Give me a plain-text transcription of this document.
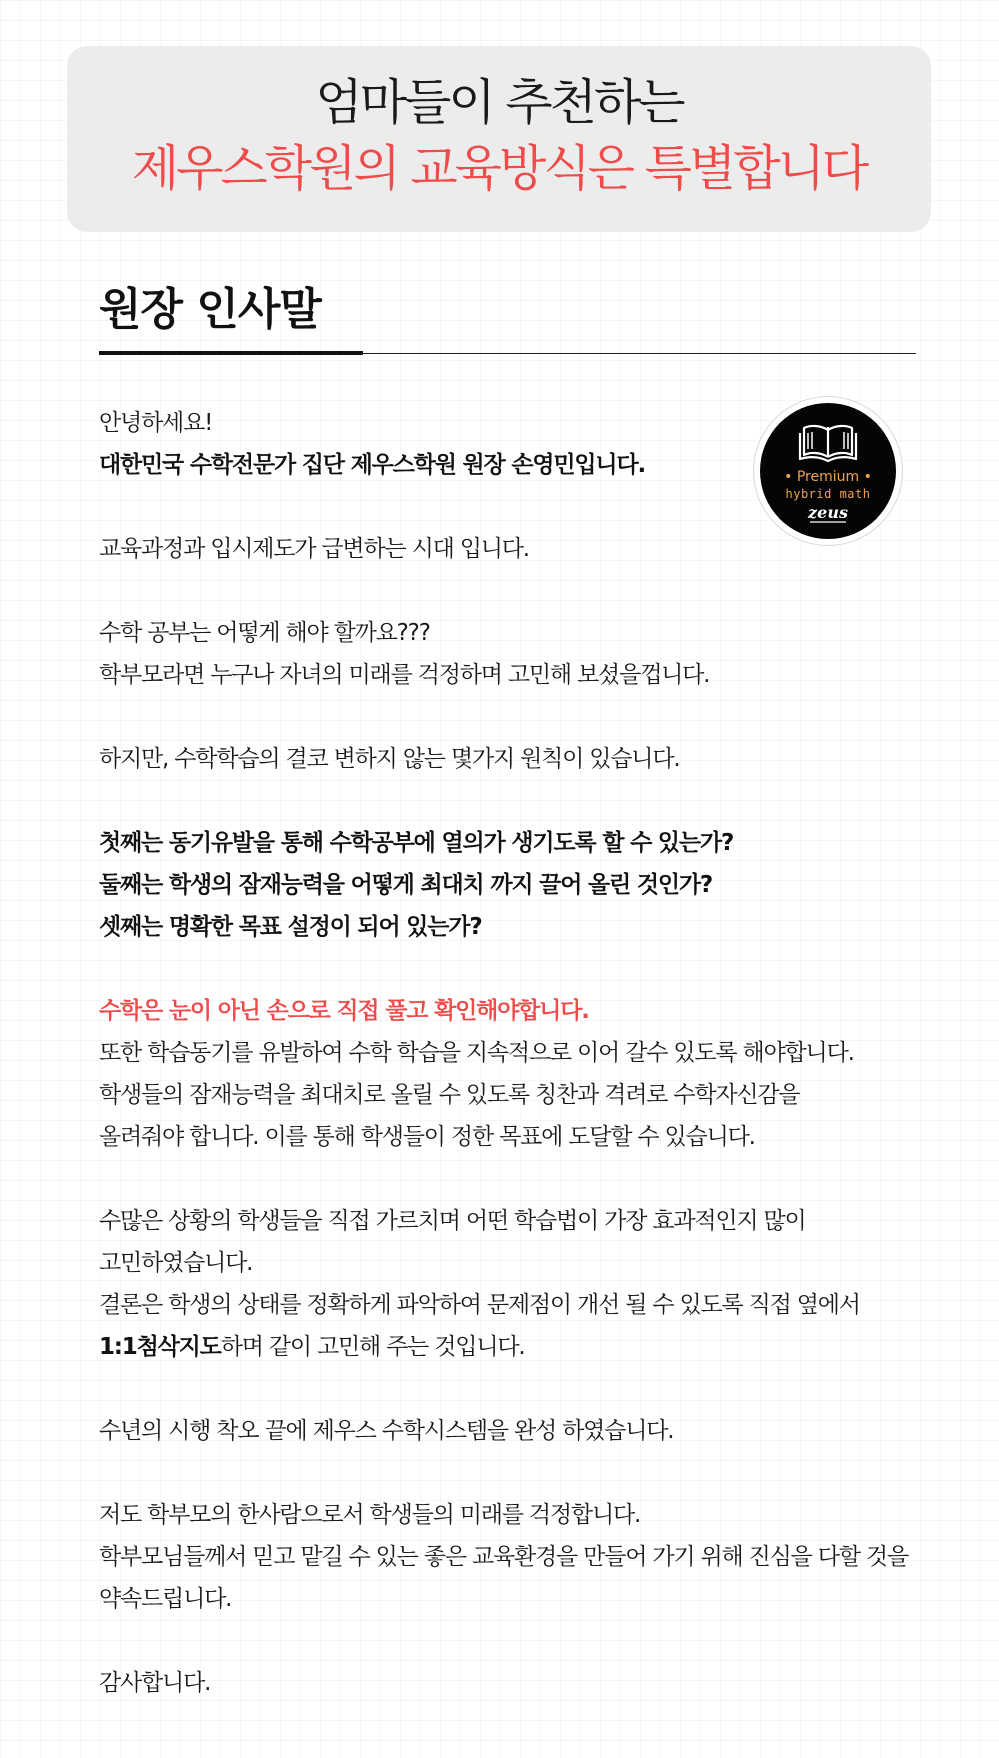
엄마들이 추천하는
제우스학원의 교육방식은 특별합니다
원장 인사말
• Premium •
hybrid math
zeus
안녕하세요!
대한민국 수학전문가 집단 제우스학원 원장 손영민입니다.
교육과정과 입시제도가 급변하는 시대 입니다.
수학 공부는 어떻게 해야 할까요???
학부모라면 누구나 자녀의 미래를 걱정하며 고민해 보셨을껍니다.
하지만, 수학학습의 결코 변하지 않는 몇가지 원칙이 있습니다.
첫째는 동기유발을 통해 수학공부에 열의가 생기도록 할 수 있는가?
둘째는 학생의 잠재능력을 어떻게 최대치 까지 끌어 올린 것인가?
셋째는 명확한 목표 설정이 되어 있는가?
수학은 눈이 아닌 손으로 직접 풀고 확인해야합니다.
또한 학습동기를 유발하여 수학 학습을 지속적으로 이어 갈수 있도록 해야합니다.
학생들의 잠재능력을 최대치로 올릴 수 있도록 칭찬과 격려로 수학자신감을
올려줘야 합니다. 이를 통해 학생들이 정한 목표에 도달할 수 있습니다.
수많은 상황의 학생들을 직접 가르치며 어떤 학습법이 가장 효과적인지 많이
고민하였습니다.
결론은 학생의 상태를 정확하게 파악하여 문제점이 개선 될 수 있도록 직접 옆에서
1:1첨삭지도하며 같이 고민해 주는 것입니다.
수년의 시행 착오 끝에 제우스 수학시스템을 완성 하였습니다.
저도 학부모의 한사람으로서 학생들의 미래를 걱정합니다.
학부모님들께서 믿고 맡길 수 있는 좋은 교육환경을 만들어 가기 위해 진심을 다할 것을
약속드립니다.
감사합니다.
